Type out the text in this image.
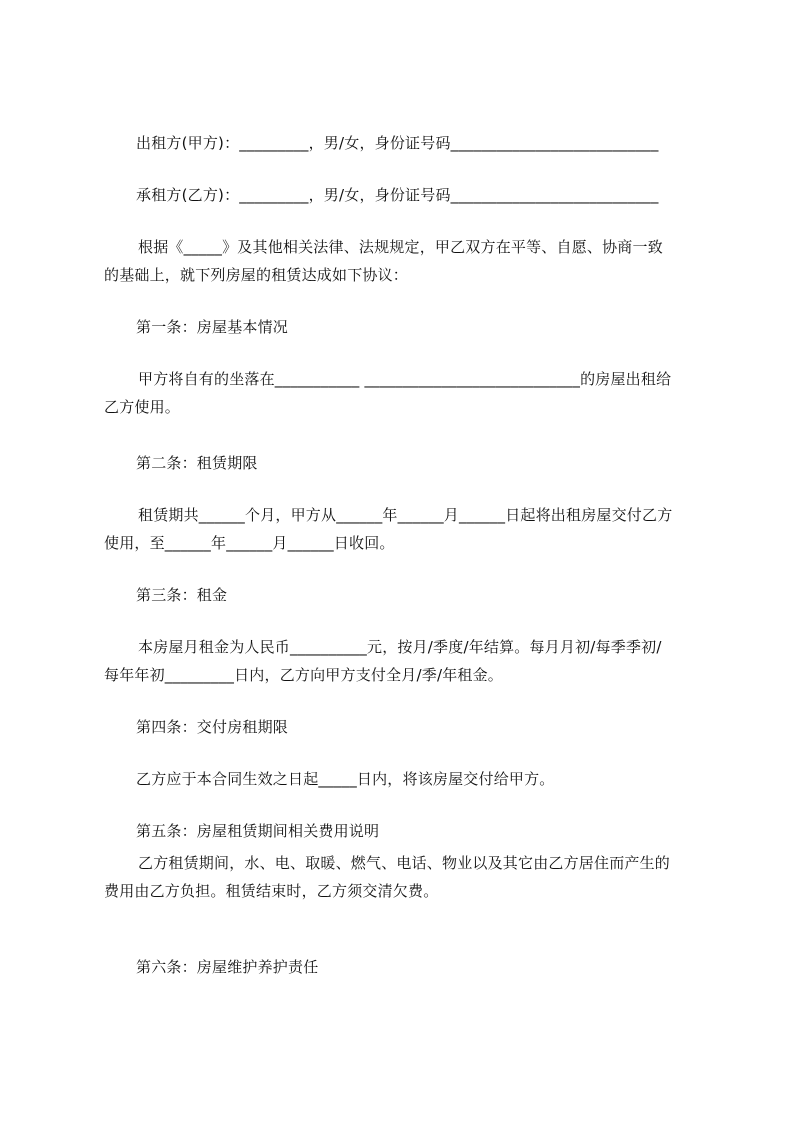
出租方(甲方)：_________，男/女，身份证号码___________________________
承租方(乙方)：_________，男/女，身份证号码___________________________
根据《_____》及其他相关法律、法规规定，甲乙双方在平等、自愿、协商一致
的基础上，就下列房屋的租赁达成如下协议：
第一条：房屋基本情况
甲方将自有的坐落在___________ ____________________________的房屋出租给
乙方使用。
第二条：租赁期限
租赁期共______个月，甲方从______年______月______日起将出租房屋交付乙方
使用，至______年______月______日收回。
第三条：租金
本房屋月租金为人民币__________元，按月/季度/年结算。每月月初/每季季初/
每年年初_________日内，乙方向甲方支付全月/季/年租金。
第四条：交付房租期限
乙方应于本合同生效之日起_____日内，将该房屋交付给甲方。
第五条：房屋租赁期间相关费用说明
乙方租赁期间，水、电、取暖、燃气、电话、物业以及其它由乙方居住而产生的
费用由乙方负担。租赁结束时，乙方须交清欠费。
第六条：房屋维护养护责任
